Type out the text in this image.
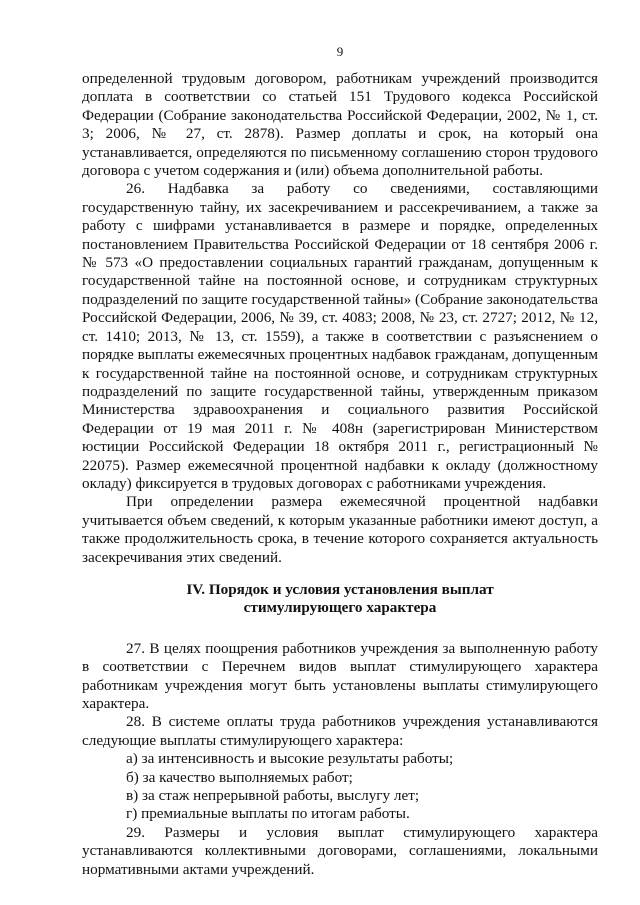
9

определенной трудовым договором, работникам учреждений производится доплата в соответствии со статьей 151 Трудового кодекса Российской Федерации (Собрание законодательства Российской Федерации, 2002, № 1, ст. 3; 2006, № 27, ст. 2878). Размер доплаты и срок, на который она устанавливается, определяются по письменному соглашению сторон трудового договора с учетом содержания и (или) объема дополнительной работы.

26. Надбавка за работу со сведениями, составляющими государственную тайну, их засекречиванием и рассекречиванием, а также за работу с шифрами устанавливается в размере и порядке, определенных постановлением Правительства Российской Федерации от 18 сентября 2006 г. № 573 «О предоставлении социальных гарантий гражданам, допущенным к государственной тайне на постоянной основе, и сотрудникам структурных подразделений по защите государственной тайны» (Собрание законодательства Российской Федерации, 2006, № 39, ст. 4083; 2008, № 23, ст. 2727; 2012, № 12, ст. 1410; 2013, № 13, ст. 1559), а также в соответствии с разъяснением о порядке выплаты ежемесячных процентных надбавок гражданам, допущенным к государственной тайне на постоянной основе, и сотрудникам структурных подразделений по защите государственной тайны, утвержденным приказом Министерства здравоохранения и социального развития Российской Федерации от 19 мая 2011 г. № 408н (зарегистрирован Министерством юстиции Российской Федерации 18 октября 2011 г., регистрационный № 22075). Размер ежемесячной процентной надбавки к окладу (должностному окладу) фиксируется в трудовых договорах с работниками учреждения.

При определении размера ежемесячной процентной надбавки учитывается объем сведений, к которым указанные работники имеют доступ, а также продолжительность срока, в течение которого сохраняется актуальность засекречивания этих сведений.

IV. Порядок и условия установления выплат
стимулирующего характера

27. В целях поощрения работников учреждения за выполненную работу в соответствии с Перечнем видов выплат стимулирующего характера работникам учреждения могут быть установлены выплаты стимулирующего характера.

28. В системе оплаты труда работников учреждения устанавливаются следующие выплаты стимулирующего характера:

а) за интенсивность и высокие результаты работы;

б) за качество выполняемых работ;

в) за стаж непрерывной работы, выслугу лет;

г) премиальные выплаты по итогам работы.

29. Размеры и условия выплат стимулирующего характера устанавливаются коллективными договорами, соглашениями, локальными нормативными актами учреждений.
